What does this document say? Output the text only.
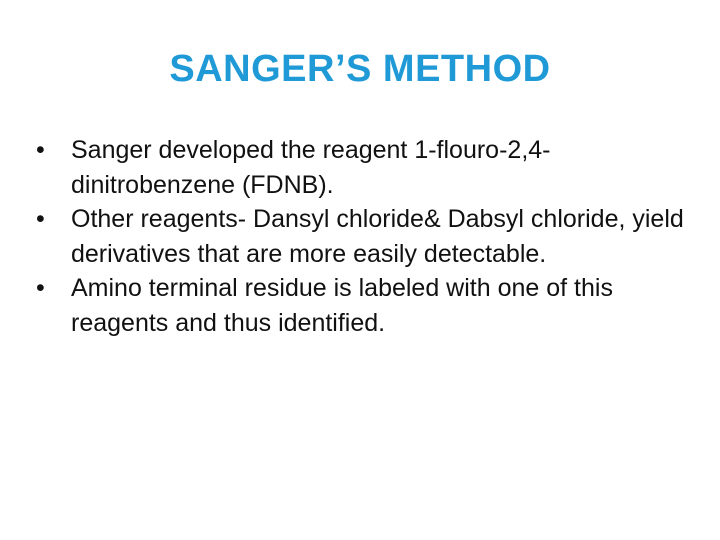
SANGER’S METHOD
•	Sanger developed the reagent 1-flouro-2,4-dinitrobenzene (FDNB).
•	Other reagents- Dansyl chloride& Dabsyl chloride, yield derivatives that are more easily detectable.
•	Amino terminal residue is labeled with one of this reagents and thus identified.
